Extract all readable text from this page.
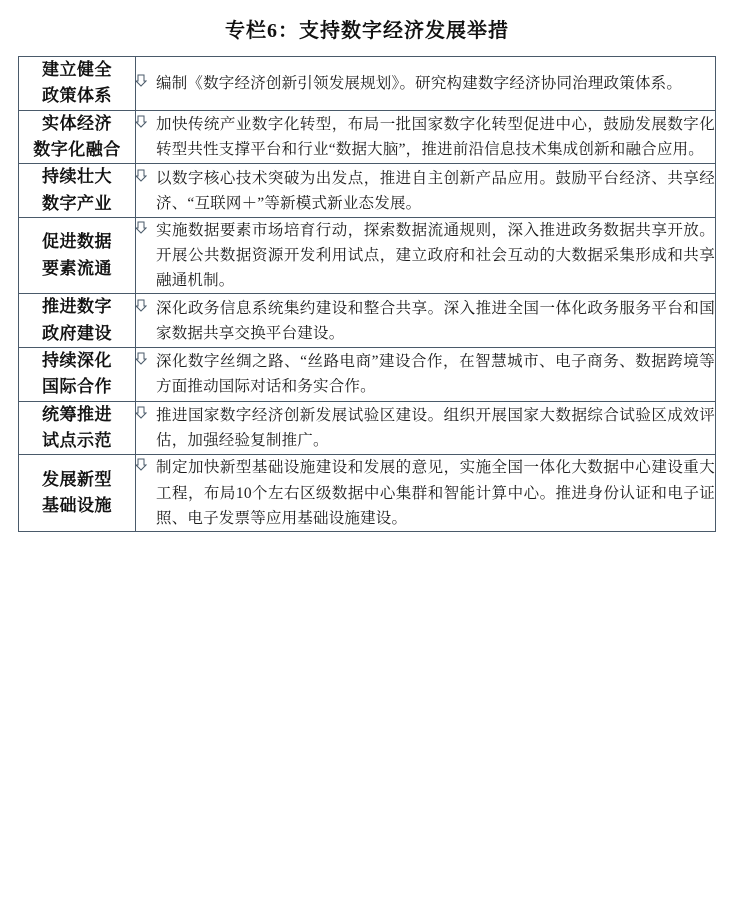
专栏6：支持数字经济发展举措
建立健全
政策体系	编制《数字经济创新引领发展规划》。研究构建数字经济协同治理政策体系。

实体经济
数字化融合	加快传统产业数字化转型，布局一批国家数字化转型促进中心，鼓励发展数字化转型共性支撑平台和行业“数据大脑”，推进前沿信息技术集成创新和融合应用。

持续壮大
数字产业	以数字核心技术突破为出发点，推进自主创新产品应用。鼓励平台经济、共享经济、“互联网＋”等新模式新业态发展。

促进数据
要素流通	实施数据要素市场培育行动，探索数据流通规则，深入推进政务数据共享开放。开展公共数据资源开发利用试点，建立政府和社会互动的大数据采集形成和共享融通机制。

推进数字
政府建设	深化政务信息系统集约建设和整合共享。深入推进全国一体化政务服务平台和国家数据共享交换平台建设。

持续深化
国际合作	深化数字丝绸之路、“丝路电商”建设合作，在智慧城市、电子商务、数据跨境等方面推动国际对话和务实合作。

统筹推进
试点示范	推进国家数字经济创新发展试验区建设。组织开展国家大数据综合试验区成效评估，加强经验复制推广。

发展新型
基础设施	制定加快新型基础设施建设和发展的意见，实施全国一体化大数据中心建设重大工程，布局10个左右区级数据中心集群和智能计算中心。推进身份认证和电子证照、电子发票等应用基础设施建设。
